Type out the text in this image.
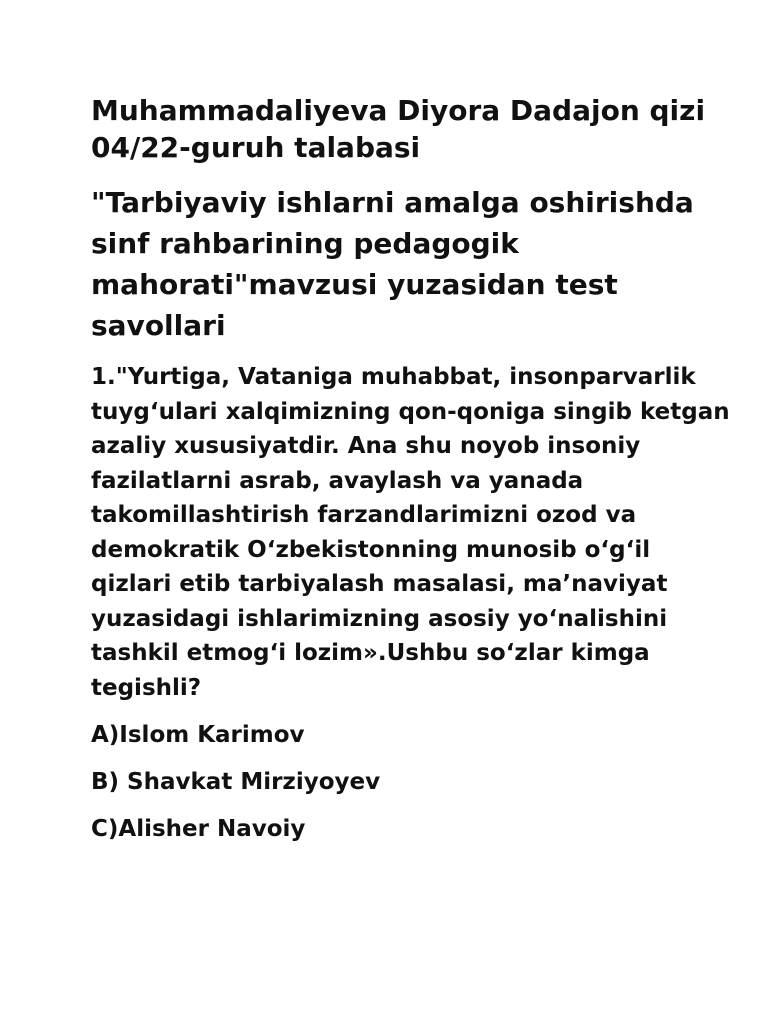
Muhammadaliyeva Diyora Dadajon qizi 04/22-guruh talabasi

"Tarbiyaviy ishlarni amalga oshirishda sinf rahbarining pedagogik mahorati"mavzusi yuzasidan test savollari

1."Yurtiga, Vataniga muhabbat, insonparvarlik tuyg‘ulari xalqimizning qon-qoniga singib ketgan azaliy xususiyatdir. Ana shu noyob insoniy fazilatlarni asrab, avaylash va yanada takomillashtirish farzandlarimizni ozod va demokratik O‘zbekistonning munosib o‘g‘il qizlari etib tarbiyalash masalasi, ma’naviyat yuzasidagi ishlarimizning asosiy yo‘nalishini tashkil etmog‘i lozim».Ushbu so‘zlar kimga tegishli?

A)Islom Karimov

B) Shavkat Mirziyoyev

C)Alisher Navoiy
